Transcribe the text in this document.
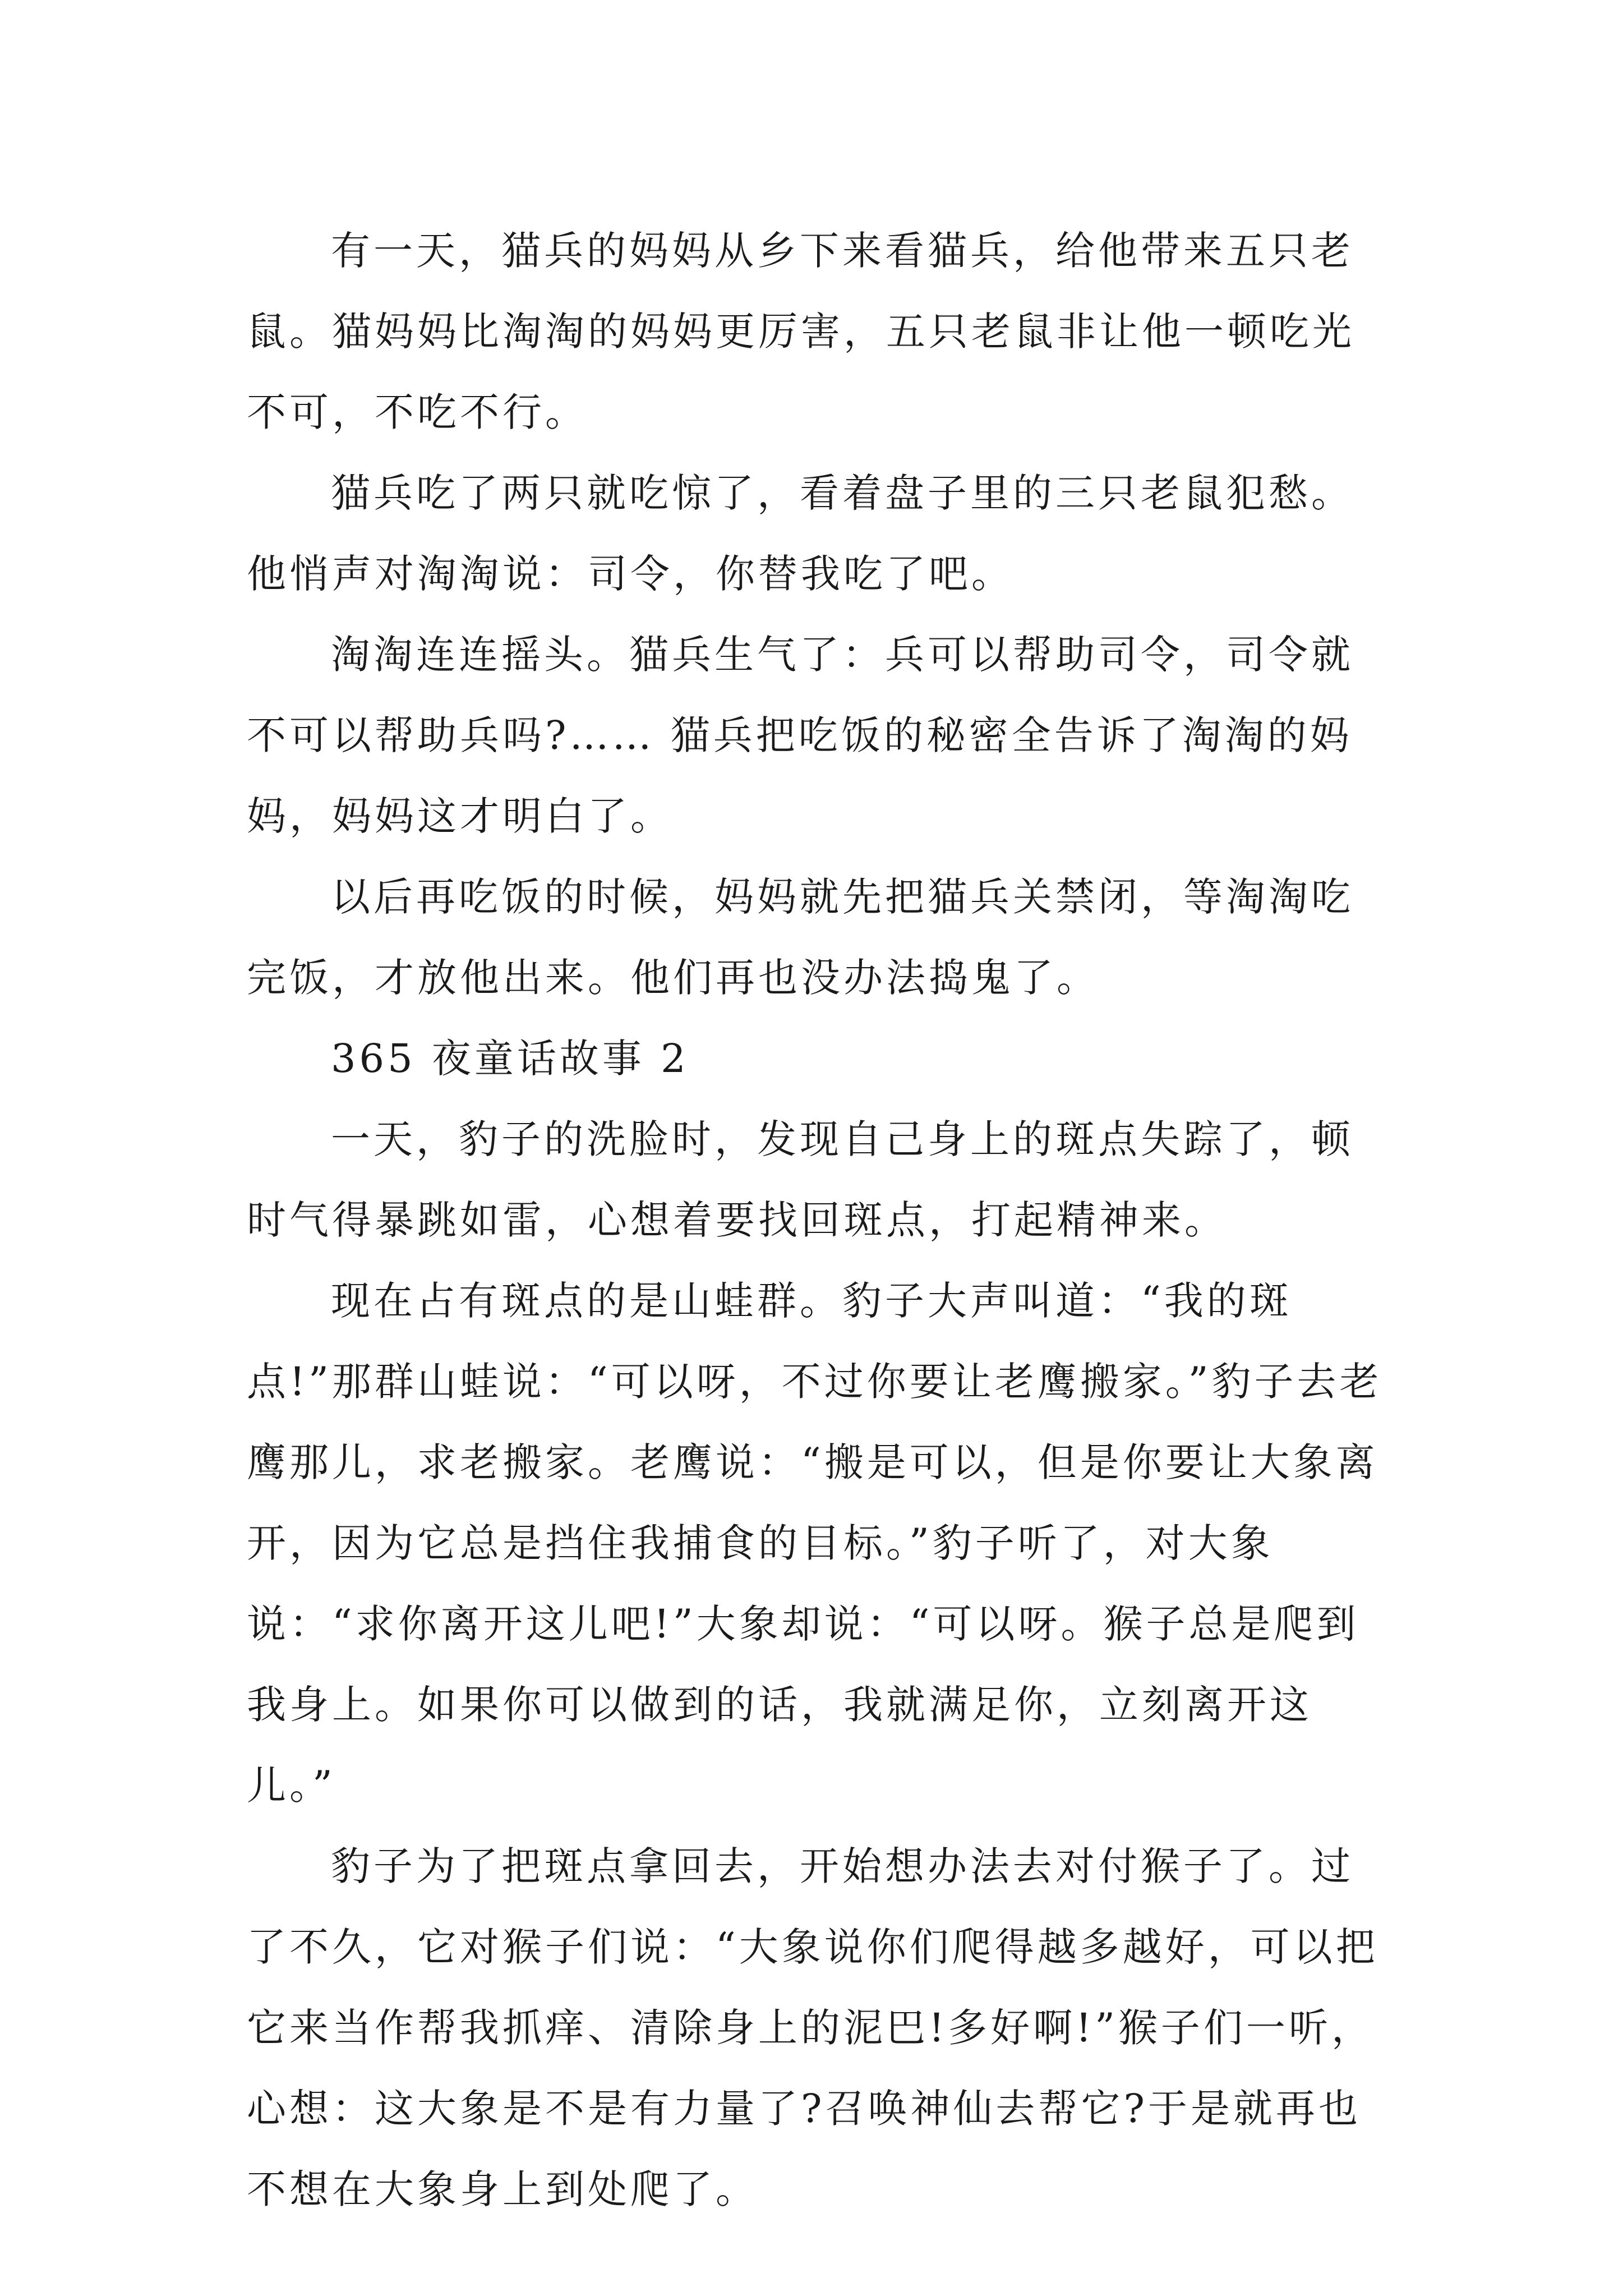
有一天，猫兵的妈妈从乡下来看猫兵，给他带来五只老鼠。猫妈妈比淘淘的妈妈更厉害，五只老鼠非让他一顿吃光不可，不吃不行。

猫兵吃了两只就吃惊了，看着盘子里的三只老鼠犯愁。他悄声对淘淘说：司令，你替我吃了吧。

淘淘连连摇头。猫兵生气了：兵可以帮助司令，司令就不可以帮助兵吗?…… 猫兵把吃饭的秘密全告诉了淘淘的妈妈，妈妈这才明白了。

以后再吃饭的时候，妈妈就先把猫兵关禁闭，等淘淘吃完饭，才放他出来。他们再也没办法捣鬼了。

365 夜童话故事 2

一天，豹子的洗脸时，发现自己身上的斑点失踪了，顿时气得暴跳如雷，心想着要找回斑点，打起精神来。

现在占有斑点的是山蛙群。豹子大声叫道：“我的斑点!”那群山蛙说：“可以呀，不过你要让老鹰搬家。”豹子去老鹰那儿，求老搬家。老鹰说：“搬是可以，但是你要让大象离开，因为它总是挡住我捕食的目标。”豹子听了，对大象说：“求你离开这儿吧!”大象却说：“可以呀。猴子总是爬到我身上。如果你可以做到的话，我就满足你，立刻离开这儿。”

豹子为了把斑点拿回去，开始想办法去对付猴子了。过了不久，它对猴子们说：“大象说你们爬得越多越好，可以把它来当作帮我抓痒、清除身上的泥巴!多好啊!”猴子们一听，心想：这大象是不是有力量了?召唤神仙去帮它?于是就再也不想在大象身上到处爬了。
